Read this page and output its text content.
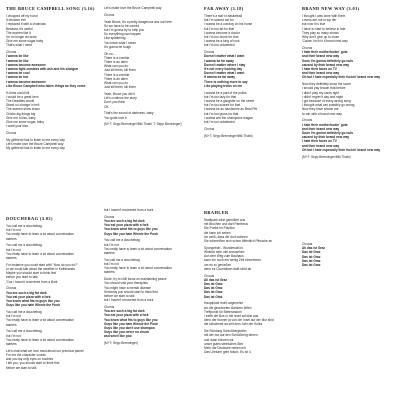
THE BRUCE CAMPBELL SONG (3.16)
I chopped off my hand
It became evil
I replaced it with a chainsaw
Because it's useful
The women like it
I'm no longer an actor
Give me some sugar baby
That's what I need
Chorus
I wanna be like
I wanna be like
I wanna become awesome
I wanna fight zombies with ash and his shotgun
I wanna be cool
I wanna be hot
I wanna become awesome
Like Bruce Campbell who takes things as they come
If chins could kill
I would be a great hero
The Deadites would
Stand no change in hell
The women show bravo
Chicks dig things big
Give me a kiss, baby
Give me some sugar, baby
I want your kiss
Chorus
My girlfriend has to listen to me every day
Let's make love the Bruce Campbell way
My girlfriend has to listen to me every day
DOUCHEBAG (3.02)
You call me a douchebag
but I'm not
You really have to learn a lot about conversation
starters
You call me a douchebag
but I'm not
You really have to learn a lot about conversation
starters
For instance you could start with "How do you do?"
or we could talk about the weather in Kathmandu
Maybe you should start to think first
before you start to talk
'Cos I haven't recovered from a Bork
Chorus
You are such a big fat dork
You eat your pizza with a fork
You know what fits to guys like you
Guys like you hate Winnie the Pooh
You call me a douchebag
but I'm not
You really have to learn a lot about conversation
starters
You call me a douchebag
but I'm not
You really have to learn a lot about conversation
starters
Let's chat what we love most about our precious planet
For me the character counts
and you lay only eyes on boobies
I tell you, you should start to think first
before we start to talk
Let's make love the Bruce Campbell way
Chorus
Yeah Bruce, it's a pretty dangerous ass out here
So we have to be careful
but I'm gonna try to help you
So everything can happen
Like splattering
You know what I mean
It's gonna be tough
Oh no...
There is a zombie
There is an alien
What can you do
Just kill them, kill them
There is a zombie
There is an alien
What can you do
Just kill them, kill them
Yeah, Bruce you did it
Let's continue the story
Don't you think
OK
That's the sound of darkness, baby
You gotta love it
(M+T: Sepp Brenninger/Mik Thakt; T: Sepp Brenninger)
but I haven't recovered from a bork
Chorus
You are such a big fat dork
You eat your pizza with a fork
You know what fits to guys like you
Guys like you hate Winnie the Pooh
You call me a douchebag
but I'm not
You really have to learn a lot about conversation
starters
You call me a douchebag
but I'm not
You really have to learn a lot about conversation
starters
Dude, try to chill focus on maintaining peace
You should visit your therapists
You might have a mental disease
Seriously you should start to think first
before we start to talk
but I haven't recovered from a bork
Chorus
You are such a big fat dork
You eat your pizza with a fork
You know what fits to guys like you
Guys like you hate Winnie the Pooh
Guys like you don't use shampoo
Guys like you never no chuck
and smell like poo
(M+T: Sepp Brenninger)
FAR AWAY (3.18)
There's a star in basketball
but I'm scared tod fur
I wanna be a cowboy on his horse
but I'm too fat for that
I wanna become a doctor
but I'm too dumb for that
I wanna be a king of rock
but I'm too untalented
Chorus
Doesn't matter what I want
I wanna be far away
Doesn't matter where I stay
It's not every fucking day
Doesn't matter what I want
If wanna be far away
There is nothing more to say
Like playing tricks on me
I wanna be a part of the police
but I'm too lazy for that
I wanna be a gangster on the street
but I'm too scared for that
I wanna be as handsome as Brad Pitt
but I'm too gross for that
I wanna win the champions league
but I'm too untalented
Chorus
(M+T: Sepp Brenninger/Mik Thakt)
BRAHLER
Stadtpark wirst gemüllert aus
mit Bruchen und darf Pantheus
Die Punks im Pavillon
die kann ich sehen
ich weiß, dass die dort wohnen
Sie schmeißen sich schon öffentlich Pfirsiche an
Spongebob - Wunderschön
Wirklich sehr viel anzusehen
Auf dem Weg zum Bauhaus
kann ich noch ein wenig Zeit einnehmen
um es zu genießen
denn es Countdown läuft nicht ab
Chorus
All das ist Graz
Das ist Graz
Das ist Graz
Das ist Graz
Das ist Graz
Hauptplatz recht angenehm
wo die geordneten Bankern liefen
Treffpunkt für Bieferandum
I treffe die Bus in mit recht schöne aus
denn der bunner ja von der Insel auf der Mur sind
die schwimmt da seit dem Jahr der Kultur
Sie Richtung Schloßbergbahn
mit der ma auf den Schloßberg fahren
und dann können wir
unser gutes steirisches Bier
Mehr die Deutsche neben mir
Das Uhrturm geht falsch, Es ist 4.
BRAND NEW WAY (3.01)
I thought I was done with them
Lovers are not in top tier
but now it is true
I have to start to believe in fate
They play so many shows
Why don't give up to close
'Cause I rich in it brand new way
Chorus
I hate their motherfuckin' guts
and their brand new way
Soon I'm gonna definitely go nuts
caused by their brand new way
I hate their faces on TV
and their brand new way
Oh but I hate especially their fuckin' brand new way
Now they definitely know the score
I should pay known that before
I didn't play my cards right
I didn't regret it day and night
I got because of every wrong song
I thought what can possibly go wrong
Now they have shown me
to win with a brand new way
Chorus
I hate their motherfuckin' guts
and their brand new way
Soon I'm gonna definitely go nuts
caused by their brand new way
I hate their faces on TV
and their brand new way
Oh but I hate especially their fuckin' brand new way
(M+T: Sepp Brenninger/Mik Thakt)
Chorus
All das ist Graz
Das ist Graz
Das ist Graz
Das ist Graz
Das ist Graz
